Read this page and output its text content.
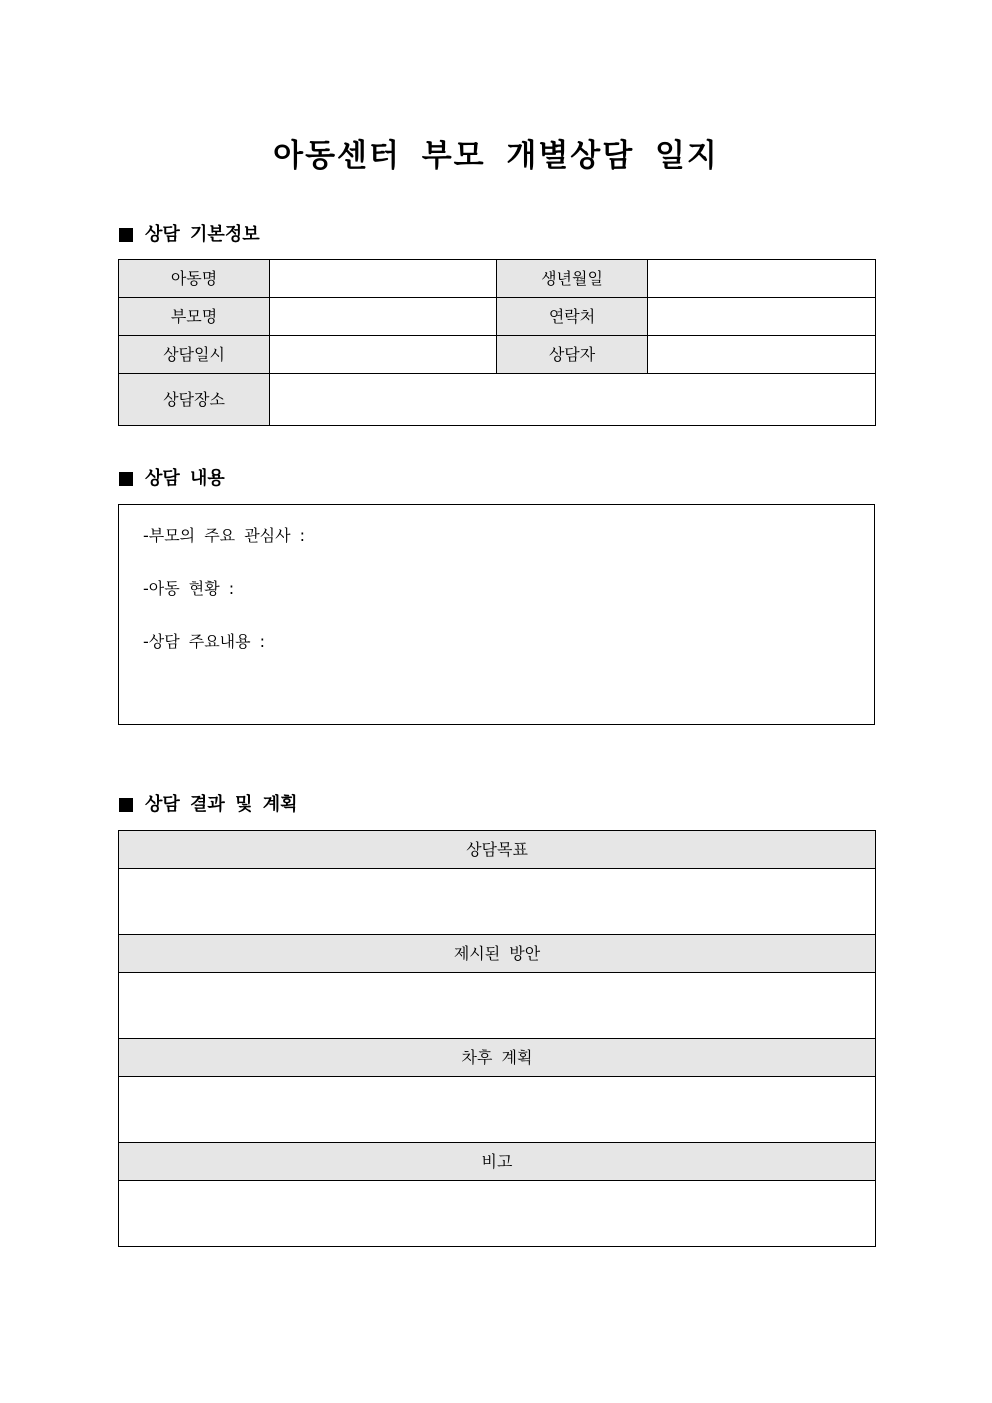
아동센터 부모 개별상담 일지
상담 기본정보
아동명		생년월일	
부모명		연락처	
상담일시		상담자	
상담장소			
상담 내용
-부모의 주요 관심사 :
-아동 현황 :
-상담 주요내용 :
상담 결과 및 계획
상담목표

제시된 방안

차후 계획

비고
